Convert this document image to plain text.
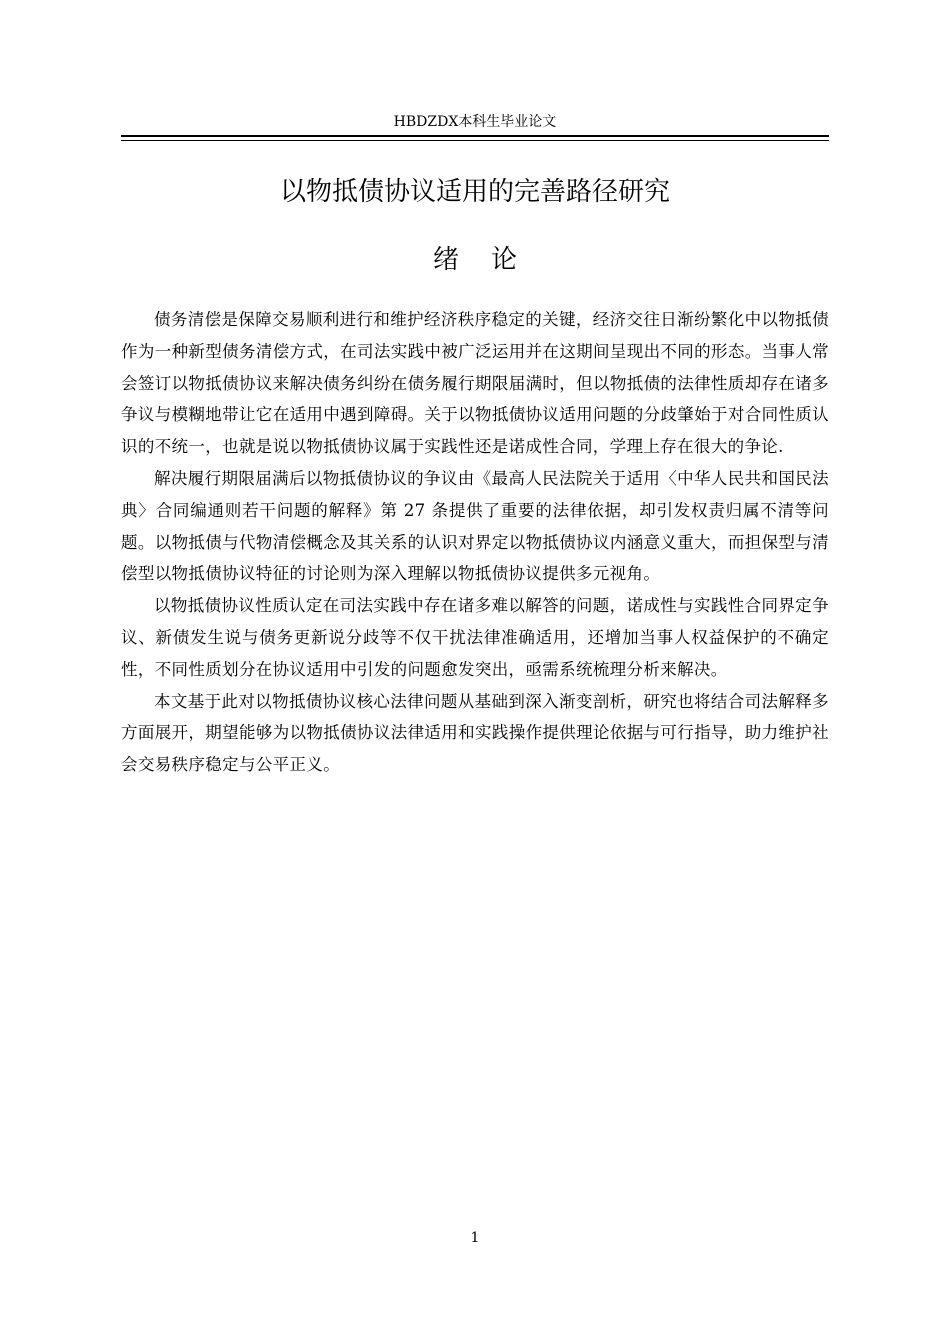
HBDZDX本科生毕业论文
以物抵债协议适用的完善路径研究
绪论

债务清偿是保障交易顺利进行和维护经济秩序稳定的关键，经济交往日渐纷繁化中以物抵债作为一种新型债务清偿方式，在司法实践中被广泛运用并在这期间呈现出不同的形态。当事人常会签订以物抵债协议来解决债务纠纷在债务履行期限届满时，但以物抵债的法律性质却存在诸多争议与模糊地带让它在适用中遇到障碍。关于以物抵债协议适用问题的分歧肇始于对合同性质认识的不统一，也就是说以物抵债协议属于实践性还是诺成性合同，学理上存在很大的争论.

解决履行期限届满后以物抵债协议的争议由《最高人民法院关于适用〈中华人民共和国民法典〉合同编通则若干问题的解释》第 27 条提供了重要的法律依据，却引发权责归属不清等问题。以物抵债与代物清偿概念及其关系的认识对界定以物抵债协议内涵意义重大，而担保型与清偿型以物抵债协议特征的讨论则为深入理解以物抵债协议提供多元视角。

以物抵债协议性质认定在司法实践中存在诸多难以解答的问题，诺成性与实践性合同界定争议、新债发生说与债务更新说分歧等不仅干扰法律准确适用，还增加当事人权益保护的不确定性，不同性质划分在协议适用中引发的问题愈发突出，亟需系统梳理分析来解决。

本文基于此对以物抵债协议核心法律问题从基础到深入渐变剖析，研究也将结合司法解释多方面展开，期望能够为以物抵债协议法律适用和实践操作提供理论依据与可行指导，助力维护社会交易秩序稳定与公平正义。

1
